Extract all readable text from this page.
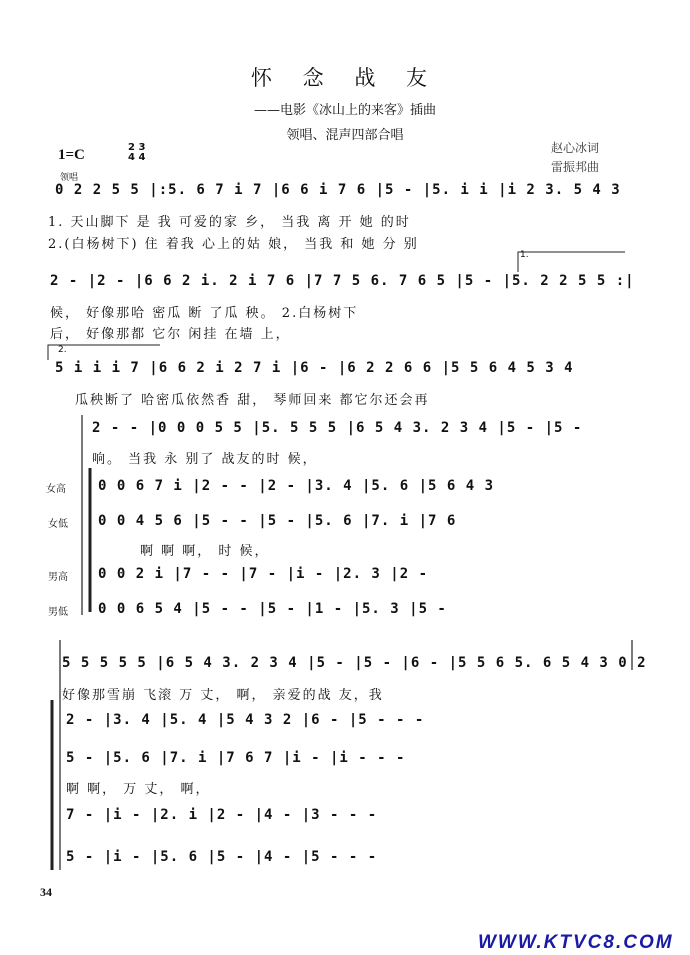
怀 念 战 友
——电影《冰山上的来客》插曲
领唱、混声四部合唱
赵心冰词
雷振邦曲
1=C	2 3
4 4
领唱
0 2 2 5 5 |:5. 6 7 i 7 |6 6 i 7 6 |5 - |5. i i |i 2 3. 5 4 3
1. 天山脚下 是 我 可爱的家 乡， 当我 离 开 她 的时
2.(白杨树下) 住 着我 心上的姑 娘， 当我 和 她 分 别
1.
2 - |2 - |6 6 2 i. 2 i 7 6 |7 7 5 6. 7 6 5 |5 - |5. 2 2 5 5 :|
候， 好像那哈 密瓜 断 了瓜 秧。 2.白杨树下
后， 好像那都 它尔 闲挂 在墙 上，
2.
5 i i i 7 |6 6 2 i 2 7 i |6 - |6 2 2 6 6 |5 5 6 4 5 3 4
瓜秧断了 哈密瓜依然香 甜， 琴师回来 都它尔还会再
2 - - |0 0 0 5 5 |5. 5 5 5 |6 5 4 3. 2 3 4 |5 - |5 -
响。 当我 永 别了 战友的时 候，
女高 0 0 6 7 i |2 - - |2 - |3. 4 |5. 6 |5 6 4 3
女低 0 0 4 5 6 |5 - - |5 - |5. 6 |7. i |7 6
啊 啊 啊， 时 候，
男高 0 0 2 i |7 - - |7 - |i - |2. 3 |2 -
男低 0 0 6 5 4 |5 - - |5 - |1 - |5. 3 |5 -
5 5 5 5 5 |6 5 4 3. 2 3 4 |5 - |5 - |6 - |5 5 6 5. 6 5 4 3 0 2
好像那雪崩 飞滚 万 丈， 啊， 亲爱的战 友，我
2 - |3. 4 |5. 4 |5 4 3 2 |6 - |5 - - -
5 - |5. 6 |7. i |7 6 7 |i - |i - - -
啊 啊， 万 丈， 啊，
7 - |i - |2. i |2 - |4 - |3 - - -
5 - |i - |5. 6 |5 - |4 - |5 - - -
34
WWW.KTVC8.COM
